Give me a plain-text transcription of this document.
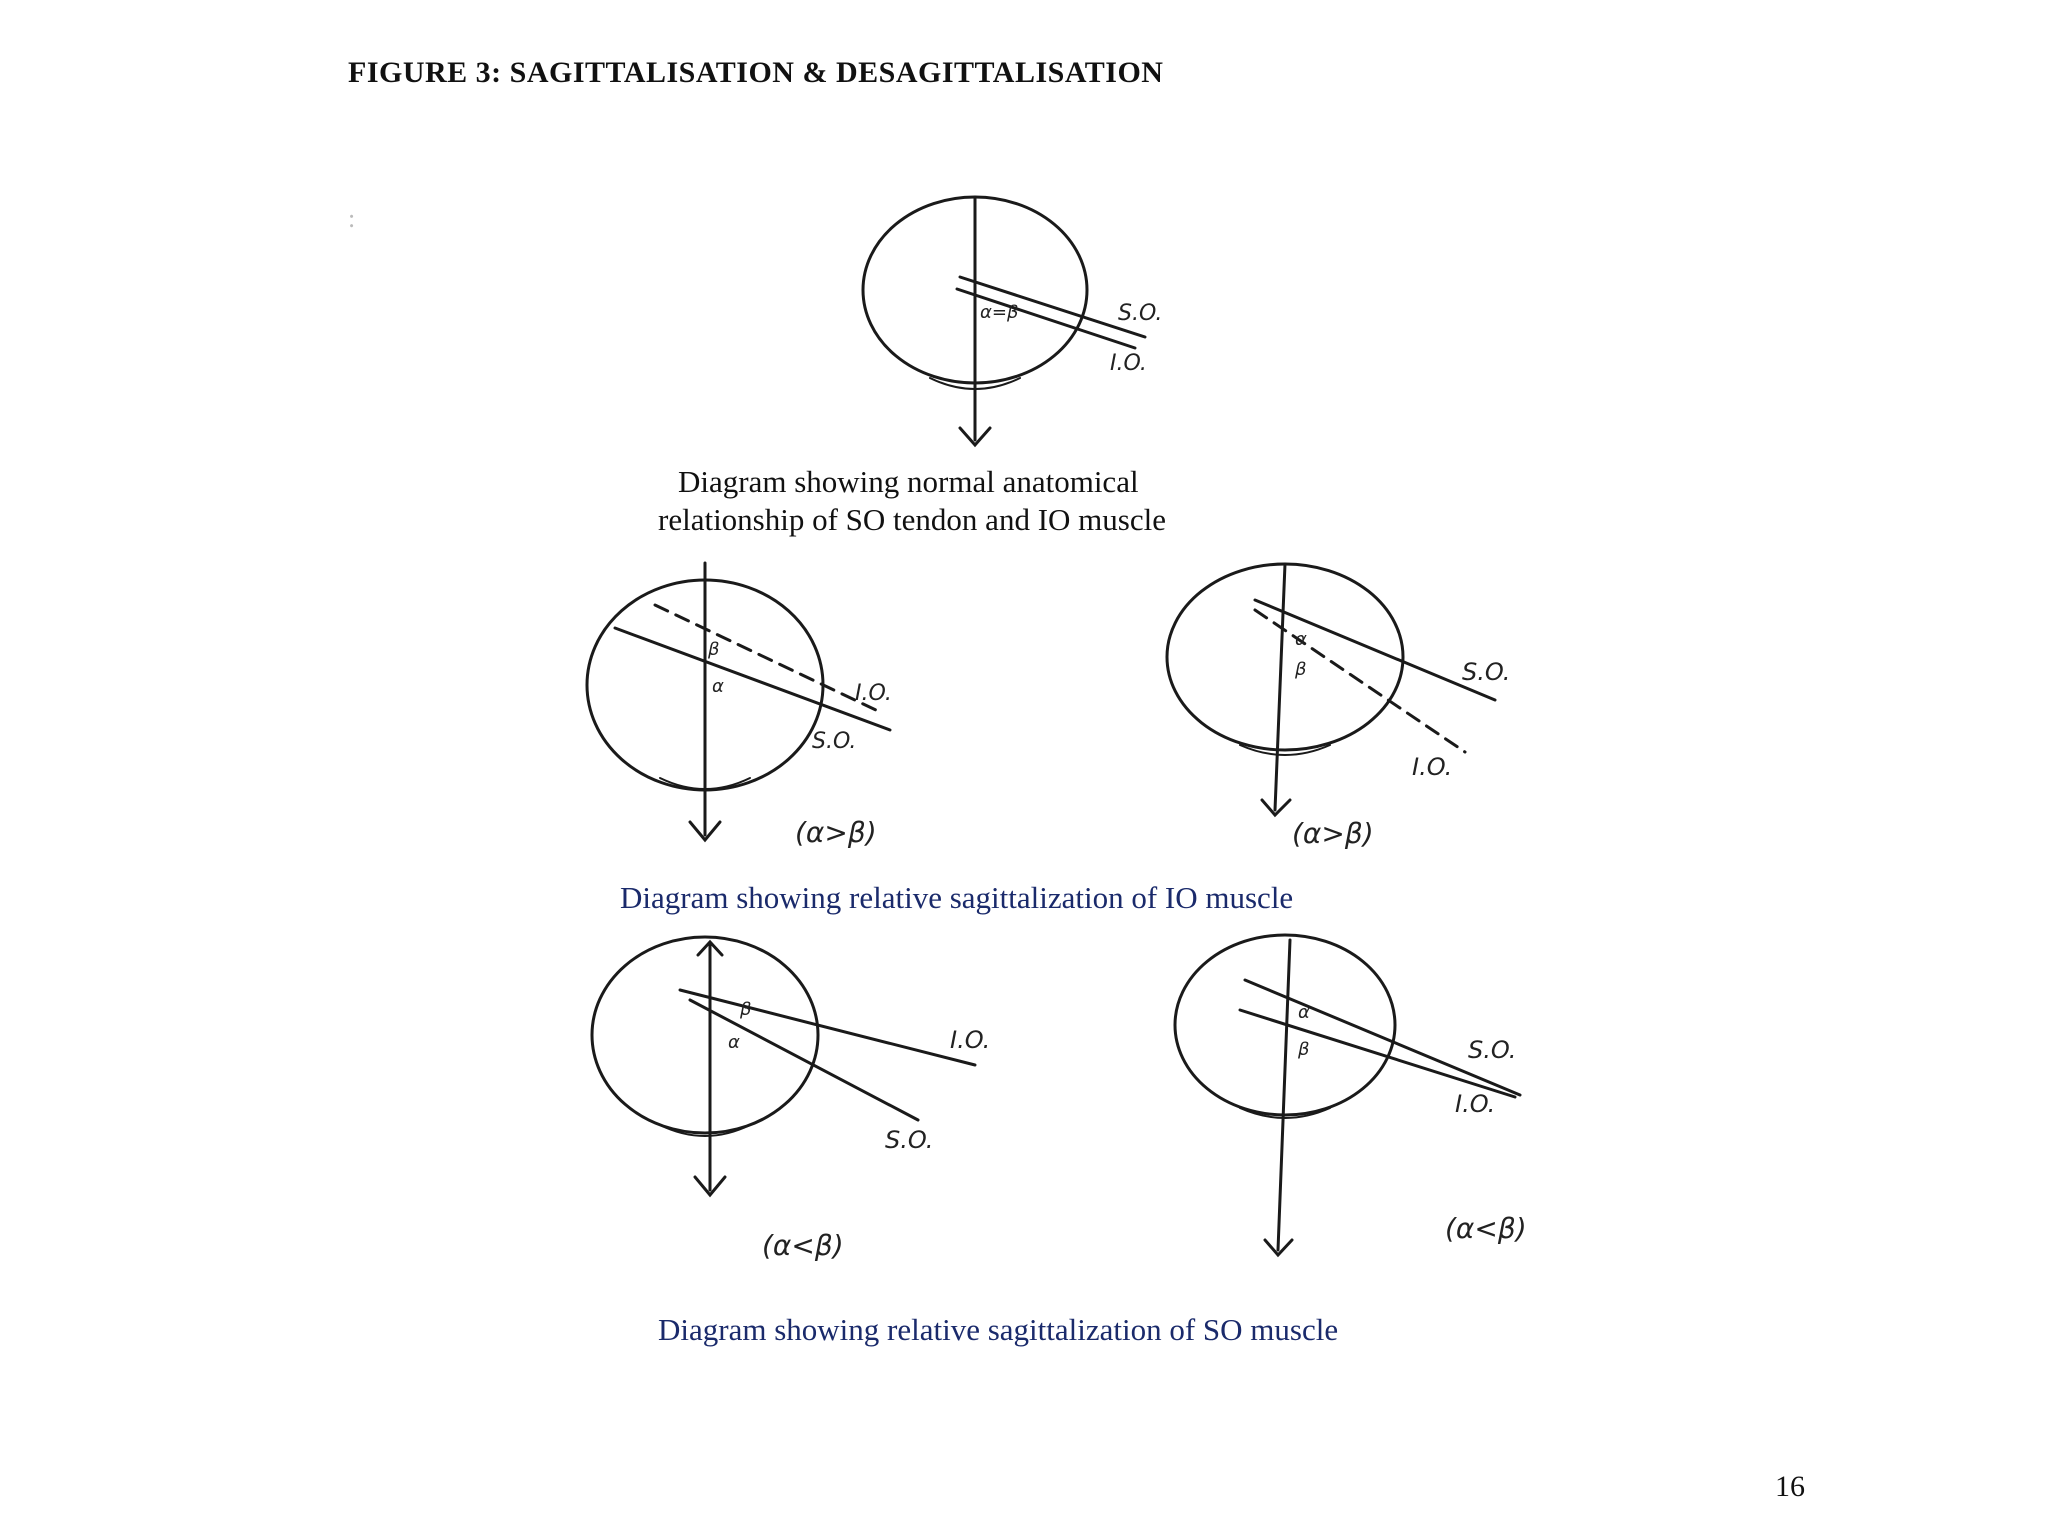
FIGURE 3: SAGITTALISATION & DESAGITTALISATION
:
S.O.
I.O.
α=β
I.O.
S.O.
β
α
(α>β)
S.O.
I.O.
α
β
(α>β)
I.O.
S.O.
β
α
(α<β)
S.O.
I.O.
α
β
(α<β)
Diagram showing normal anatomical
relationship of SO tendon and IO muscle
Diagram showing relative sagittalization of IO muscle
Diagram showing relative sagittalization of SO muscle
16
